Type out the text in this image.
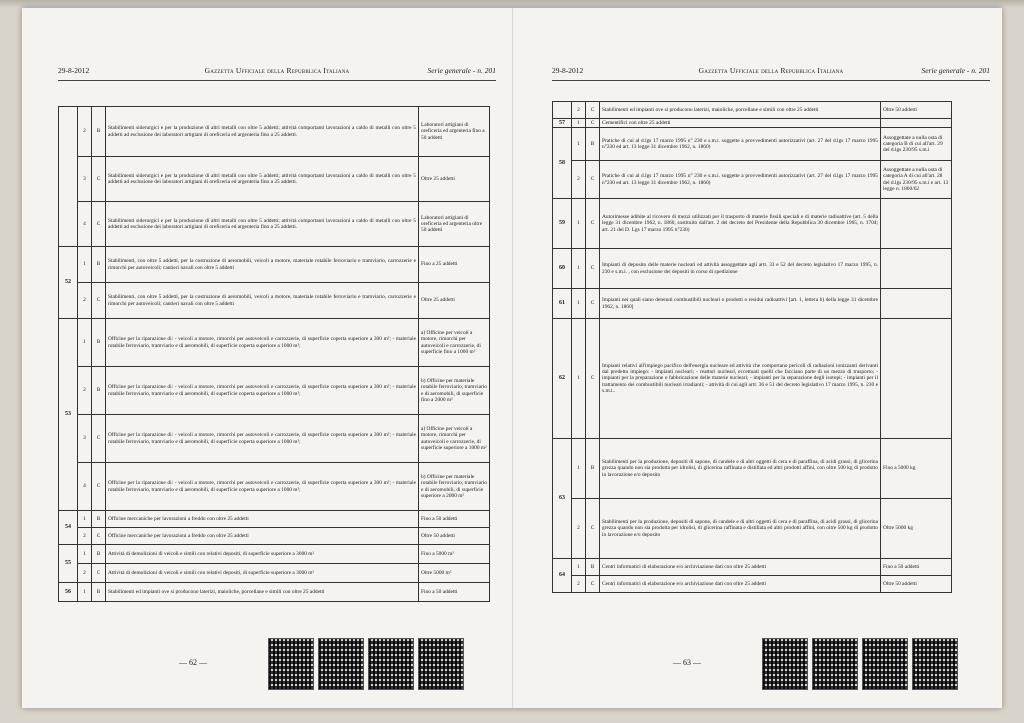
29-8-2012	Gazzetta Ufficiale della Repubblica Italiana	Serie generale - n. 201
	2	B	Stabilimenti siderurgici e per la produzione di altri metalli con oltre 5 addetti; attività comportanti lavorazioni a caldo di metalli con oltre 5 addetti ad esclusione dei laboratori artigiani di oreficeria ed argenteria fino a 25 addetti.	Laboratori artigiani di oreficeria ed argenteria fino a 50 addetti
	3	C	Stabilimenti siderurgici e per la produzione di altri metalli con oltre 5 addetti; attività comportanti lavorazioni a caldo di metalli con oltre 5 addetti ad esclusione dei laboratori artigiani di oreficeria ed argenteria fino a 25 addetti.	Oltre 25 addetti
	4	C	Stabilimenti siderurgici e per la produzione di altri metalli con oltre 5 addetti; attività comportanti lavorazioni a caldo di metalli con oltre 5 addetti ad esclusione dei laboratori artigiani di oreficeria ed argenteria fino a 25 addetti.	Laboratori artigiani di oreficeria ed argenteria oltre 50 addetti
52	1	B	Stabilimenti, con oltre 5 addetti, per la costruzione di aeromobili, veicoli a motore, materiale rotabile ferroviario e tramviario, carrozzerie e rimorchi per autoveicoli; cantieri navali con oltre 5 addetti	Fino a 25 addetti
	2	C	Stabilimenti, con oltre 5 addetti, per la costruzione di aeromobili, veicoli a motore, materiale rotabile ferroviario e tramviario, carrozzerie e rimorchi per autoveicoli; cantieri navali con oltre 5 addetti	Oltre 25 addetti
53	1	B	Officine per la riparazione di: - veicoli a motore, rimorchi per autoveicoli e carrozzerie, di superficie coperta superiore a 300 m²; - materiale rotabile ferroviario, tramviario e di aeromobili, di superficie coperta superiore a 1000 m²;	a) Officine per veicoli a motore, rimorchi per autoveicoli e carrozzerie, di superficie fino a 1000 m²
	2	B	Officine per la riparazione di: - veicoli a motore, rimorchi per autoveicoli e carrozzerie, di superficie coperta superiore a 300 m²; - materiale rotabile ferroviario, tramviario e di aeromobili, di superficie coperta superiore a 1000 m²;	b) Officine per materiale rotabile ferroviario, tramviario e di aeromobili, di superficie fino a 2000 m²
	3	C	Officine per la riparazione di: - veicoli a motore, rimorchi per autoveicoli e carrozzerie, di superficie coperta superiore a 300 m²; - materiale rotabile ferroviario, tramviario e di aeromobili, di superficie coperta superiore a 1000 m²;	a) Officine per veicoli a motore, rimorchi per autoveicoli e carrozzerie, di superficie superiore a 1000 m²
	4	C	Officine per la riparazione di: - veicoli a motore, rimorchi per autoveicoli e carrozzerie, di superficie coperta superiore a 300 m²; - materiale rotabile ferroviario, tramviario e di aeromobili, di superficie coperta superiore a 1000 m²;	b) Officine per materiale rotabile ferroviario, tramviario e di aeromobili, di superficie superiore a 2000 m²
54	1	B	Officine meccaniche per lavorazioni a freddo con oltre 25 addetti	Fino a 50 addetti
	2	C	Officine meccaniche per lavorazioni a freddo con oltre 25 addetti	Oltre 50 addetti
55	1	B	Attività di demolizioni di veicoli e simili con relativi depositi, di superficie superiore a 3000 m²	Fino a 5000 m²
	2	C	Attività di demolizioni di veicoli e simili con relativi depositi, di superficie superiore a 3000 m²	Oltre 5000 m²
56	1	B	Stabilimenti ed impianti ove si producono laterizi, maioliche, porcellane e simili con oltre 25 addetti	Fino a 50 addetti
— 62 —
29-8-2012	Gazzetta Ufficiale della Repubblica Italiana	Serie generale - n. 201
	2	C	Stabilimenti ed impianti ove si producono laterizi, maioliche, porcellane e simili con oltre 25 addetti	Oltre 50 addetti
57	1	C	Cementifici con oltre 25 addetti	
58	1	B	Pratiche di cui al d.lgs 17 marzo 1995 n° 230 e s.m.i. soggette a provvedimenti autorizzativi (art. 27 del d.lgs 17 marzo 1995 n°230 ed art. 13 legge 31 dicembre 1962, n. 1860)	Assoggettate a nulla osta di categoria B di cui all'art. 29 del d.lgs 230/95 s.m.i
	2	C	Pratiche di cui al d.lgs 17 marzo 1995 n° 230 e s.m.i. soggette a provvedimenti autorizzativi (art. 27 del d.lgs 17 marzo 1995 n°230 ed art. 13 legge 31 dicembre 1962, n. 1860)	Assoggettate a nulla osta di categoria A di cui all'art. 28 del d.lgs 230/95 s.m.i e art. 13 legge n. 1860/62
59	1	C	Autorimesse adibite al ricovero di mezzi utilizzati per il trasporto di materie fissili speciali e di materie radioattive (art. 5 della legge 31 dicembre 1962, n. 1860, sostituito dall'art. 2 del decreto del Presidente della Repubblica 30 dicembre 1965, n. 1704; art. 21 del D. Lgs 17 marzo 1995 n°230)	
60	1	C	Impianti di deposito delle materie nucleari ed attività assoggettate agli artt. 33 e 52 del decreto legislativo 17 marzo 1995, n. 230 e s.m.i. , con esclusione dei depositi in corso di spedizione	
61	1	C	Impianti nei quali siano detenuti combustibili nucleari o prodotti o residui radioattivi [art. 1, lettera b) della legge 31 dicembre 1962, n. 1860]	
62	1	C	Impianti relativi all'impiego pacifico dell'energia nucleare ed attività che comportano pericoli di radiazioni ionizzanti derivanti dal predetto impiego: - impianti nucleari; - reattori nucleari, eccettuati quelli che facciano parte di un mezzo di trasporto; - impianti per la preparazione o fabbricazione delle materie nucleari; - impianti per la separazione degli isotopi; - impianti per il trattamento dei combustibili nucleari irradianti; - attività di cui agli artt. 36 e 51 del decreto legislativo 17 marzo 1995, n. 230 e s.m.i..	
63	1	B	Stabilimenti per la produzione, depositi di sapone, di candele e di altri oggetti di cera e di paraffina, di acidi grassi, di glicerina grezza quando non sia prodotta per idrolisi, di glicerina raffinata e distillata ed altri prodotti affini, con oltre 500 kg di prodotto in lavorazione e/o deposito	Fino a 5000 kg
	2	C	Stabilimenti per la produzione, depositi di sapone, di candele e di altri oggetti di cera e di paraffina, di acidi grassi, di glicerina grezza quando non sia prodotta per idrolisi, di glicerina raffinata e distillata ed altri prodotti affini, con oltre 500 kg di prodotto in lavorazione e/o deposito	Oltre 5000 kg
64	1	B	Centri informatici di elaborazione e/o archiviazione dati con oltre 25 addetti	Fino a 50 addetti
	2	C	Centri informatici di elaborazione e/o archiviazione dati con oltre 25 addetti	Oltre 50 addetti
— 63 —
